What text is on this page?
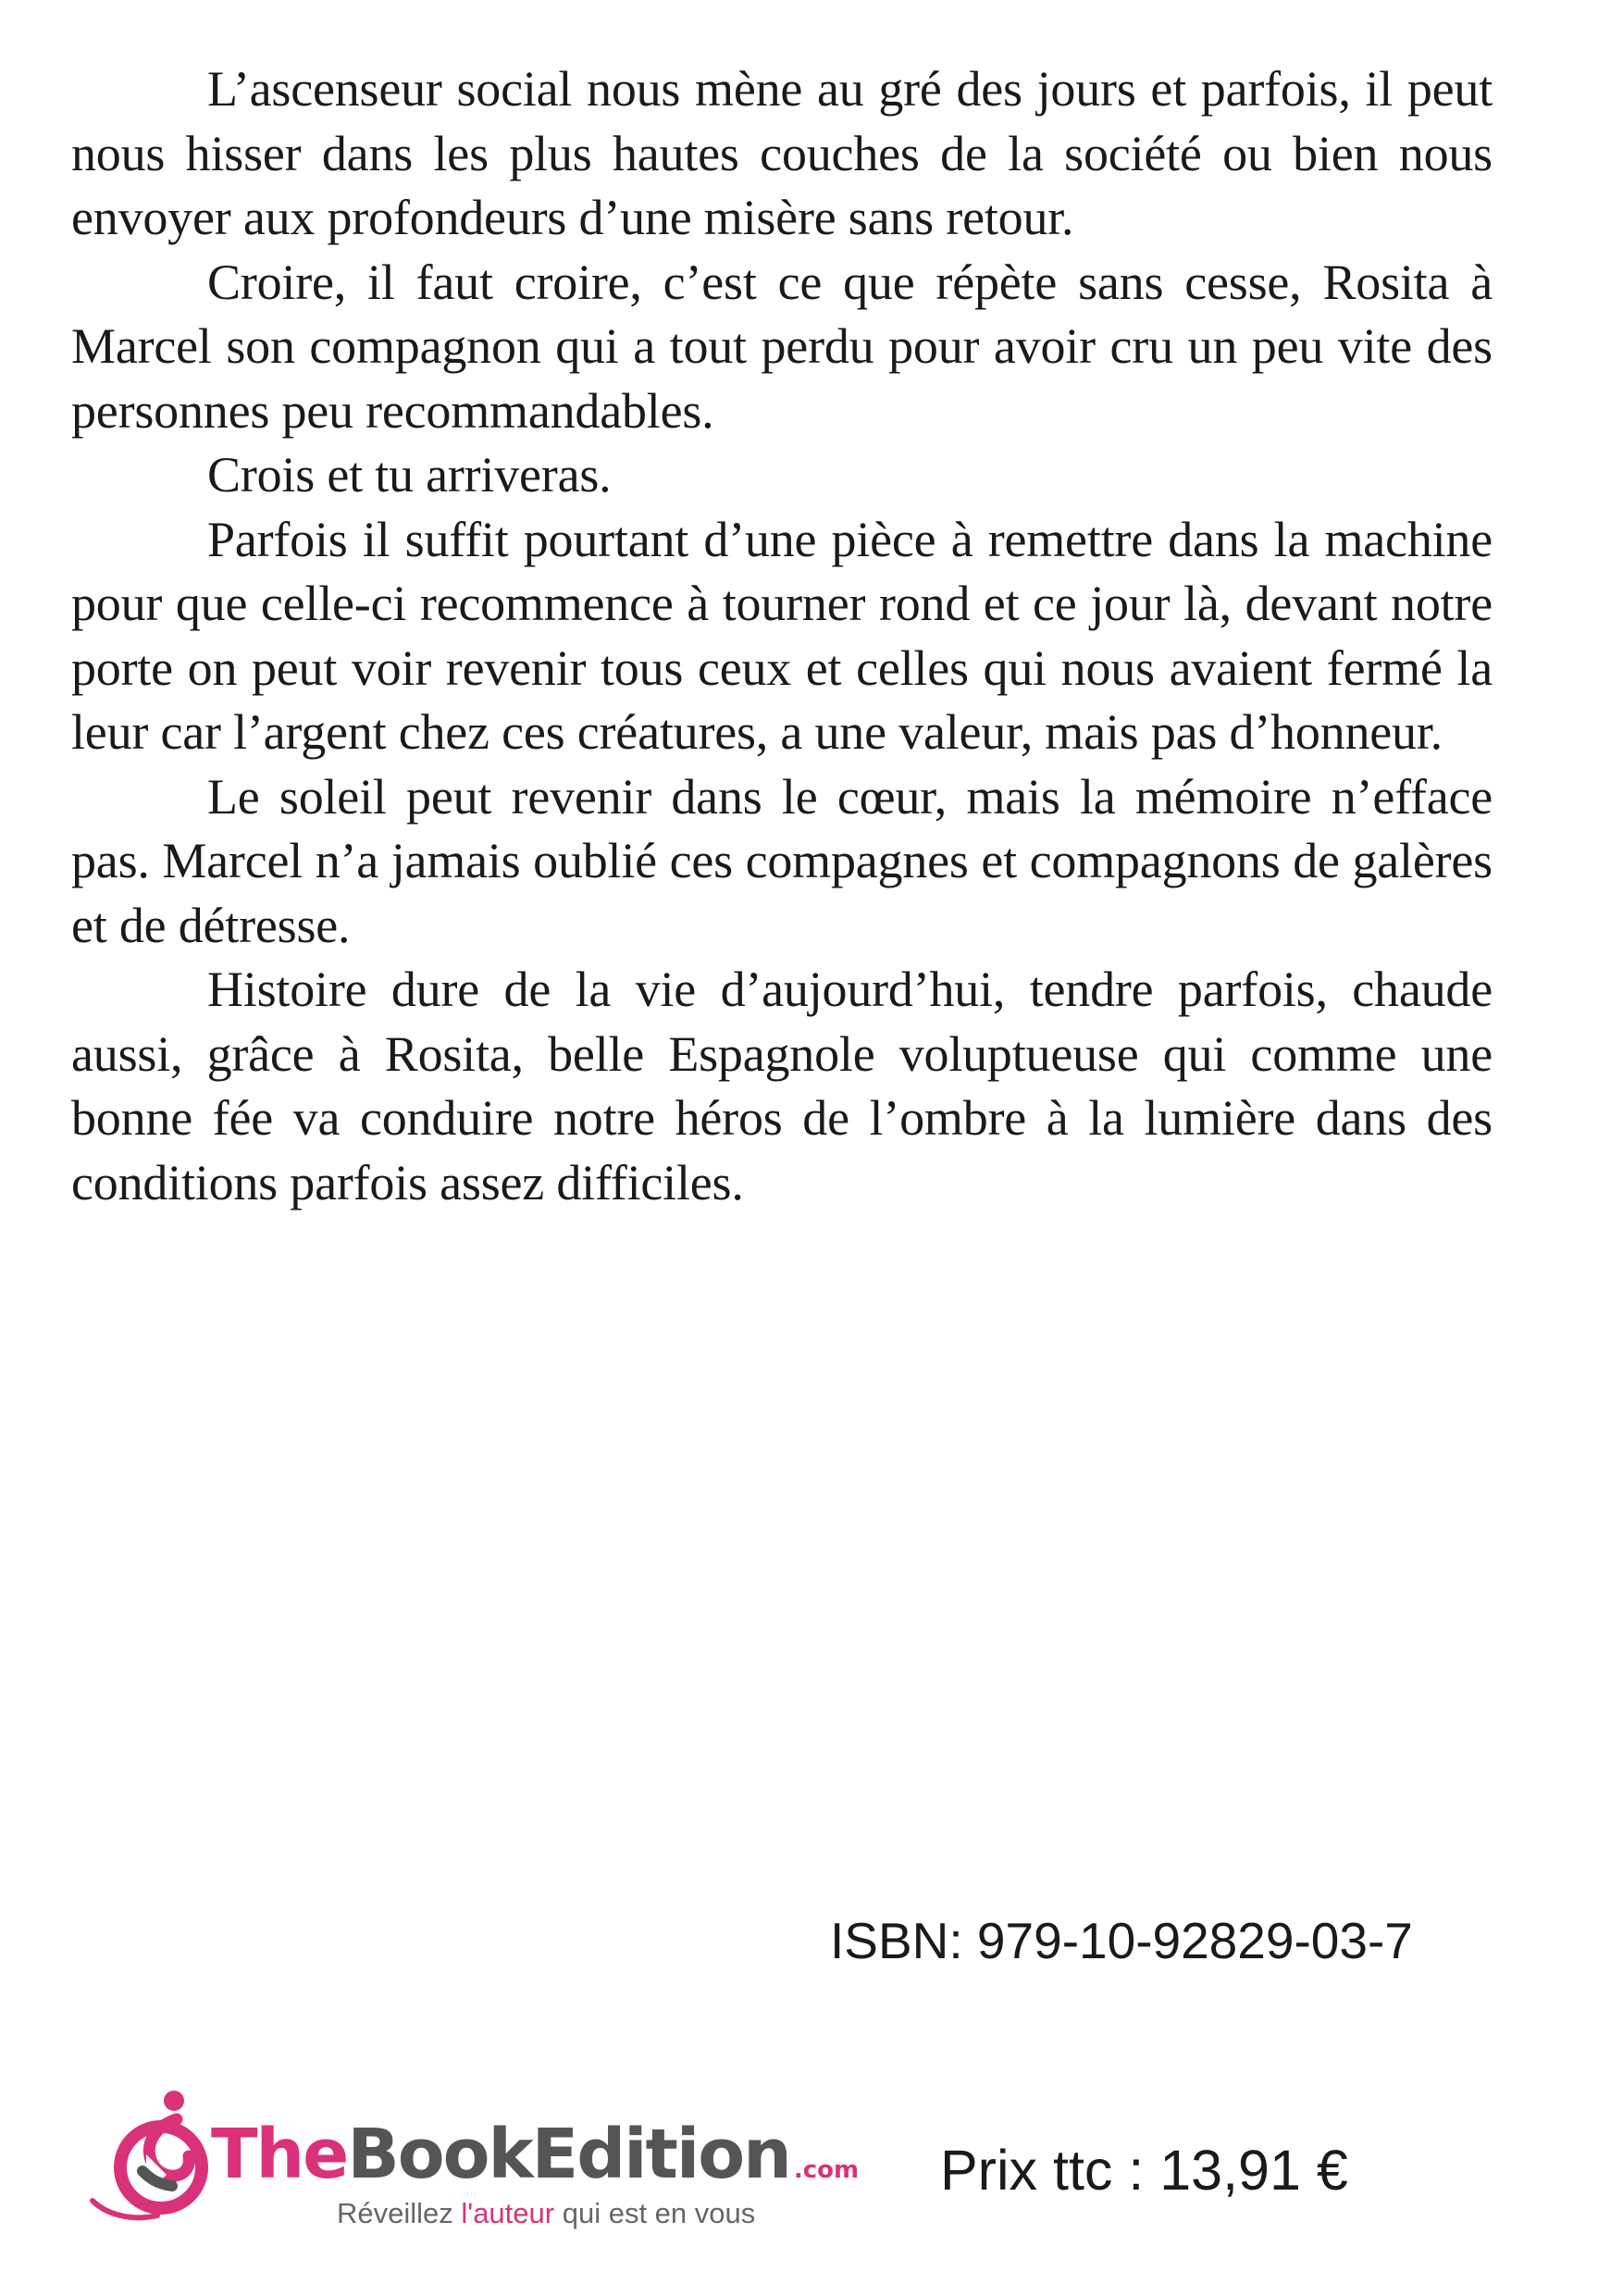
L’ascenseur social nous mène au gré des jours et parfois, il peut nous hisser dans les plus hautes couches de la société ou bien nous envoyer aux profondeurs d’une misère sans retour.

Croire, il faut croire, c’est ce que répète sans cesse, Rosita à Marcel son compagnon qui a tout perdu pour avoir cru un peu vite des personnes peu recommandables.

Crois et tu arriveras.

Parfois il suffit pourtant d’une pièce à remettre dans la machine pour que celle-ci recommence à tourner rond et ce jour là, devant notre porte on peut voir revenir tous ceux et celles qui nous avaient fermé la leur car l’argent chez ces créatures, a une valeur, mais pas d’honneur.

Le soleil peut revenir dans le cœur, mais la mémoire n’efface pas. Marcel n’a jamais oublié ces compagnes et compagnons de galères et de détresse.

Histoire dure de la vie d’aujourd’hui, tendre parfois, chaude aussi, grâce à Rosita, belle Espagnole voluptueuse qui comme une bonne fée va conduire notre héros de l’ombre à la lumière dans des conditions parfois assez difficiles.

ISBN: 979-10-92829-03-7
TheBookEdition .com
Réveillez l'auteur qui est en vous
Prix ttc : 13,91 €
